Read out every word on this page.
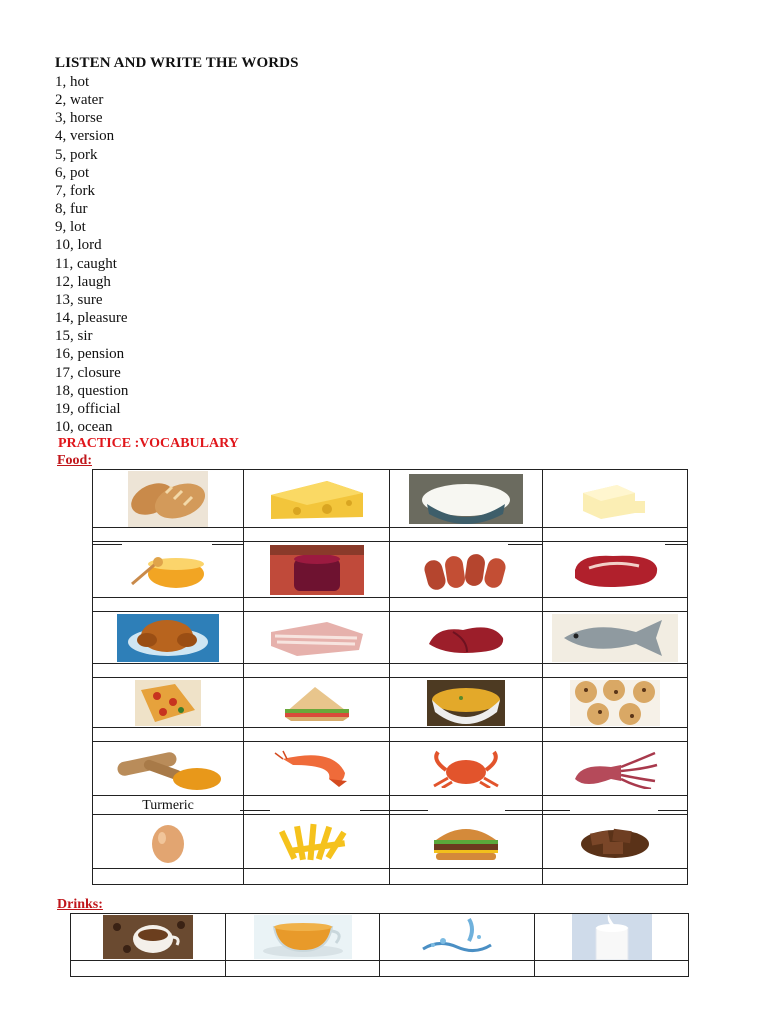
LISTEN AND WRITE THE WORDS
1, hot
2, water
3, horse
4, version
5, pork
6, pot
7, fork
8, fur
9, lot
10, lord
11, caught
12, laugh
13, sure
14, pleasure
15, sir
16, pension
17, closure
18, question
19, official
10, ocean
PRACTICE :VOCABULARY
Food:

Turmeric			

Drinks:
